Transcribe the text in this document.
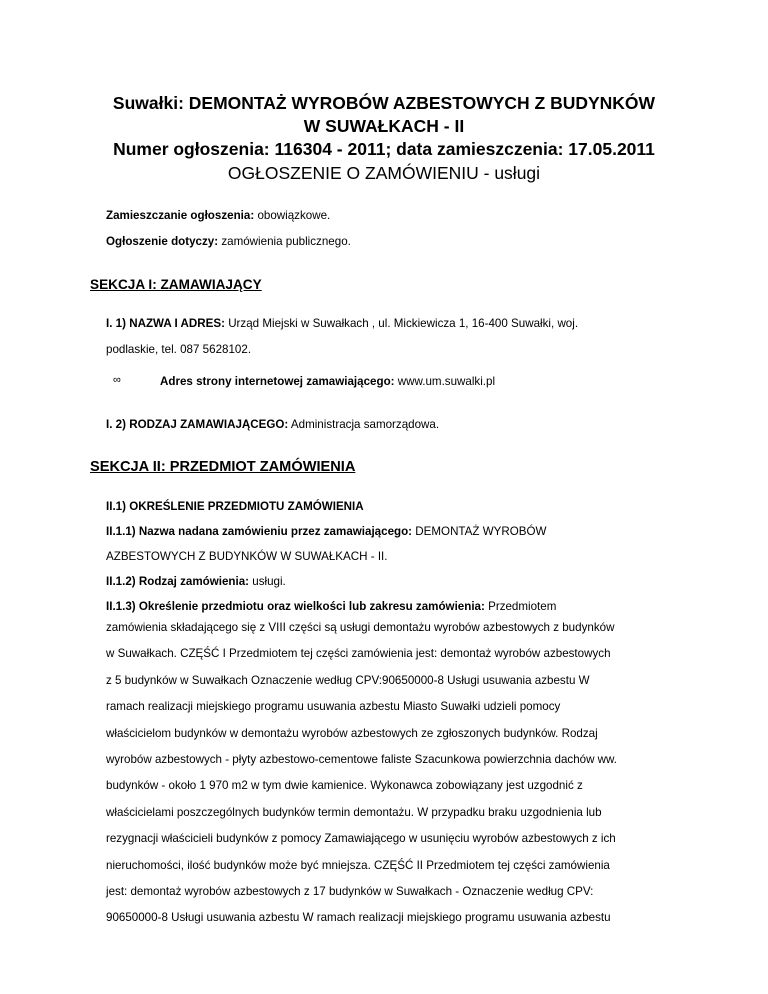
Suwałki: DEMONTAŻ WYROBÓW AZBESTOWYCH Z BUDYNKÓW
W SUWAŁKACH - II
Numer ogłoszenia: 116304 - 2011; data zamieszczenia: 17.05.2011
OGŁOSZENIE O ZAMÓWIENIU - usługi
Zamieszczanie ogłoszenia: obowiązkowe.
Ogłoszenie dotyczy: zamówienia publicznego.
SEKCJA I: ZAMAWIAJĄCY
I. 1) NAZWA I ADRES: Urząd Miejski w Suwałkach , ul. Mickiewicza 1, 16-400 Suwałki, woj.
podlaskie, tel. 087 5628102.
∞	Adres strony internetowej zamawiającego: www.um.suwalki.pl
I. 2) RODZAJ ZAMAWIAJĄCEGO: Administracja samorządowa.
SEKCJA II: PRZEDMIOT ZAMÓWIENIA
II.1) OKREŚLENIE PRZEDMIOTU ZAMÓWIENIA
II.1.1) Nazwa nadana zamówieniu przez zamawiającego: DEMONTAŻ WYROBÓW
AZBESTOWYCH Z BUDYNKÓW W SUWAŁKACH - II.
II.1.2) Rodzaj zamówienia: usługi.
II.1.3) Określenie przedmiotu oraz wielkości lub zakresu zamówienia: Przedmiotem
zamówienia składającego się z VIII części są usługi demontażu wyrobów azbestowych z budynków
w Suwałkach. CZĘŚĆ I Przedmiotem tej części zamówienia jest: demontaż wyrobów azbestowych
z 5 budynków w Suwałkach Oznaczenie według CPV:90650000-8 Usługi usuwania azbestu W
ramach realizacji miejskiego programu usuwania azbestu Miasto Suwałki udzieli pomocy
właścicielom budynków w demontażu wyrobów azbestowych ze zgłoszonych budynków. Rodzaj
wyrobów azbestowych - płyty azbestowo-cementowe faliste Szacunkowa powierzchnia dachów ww.
budynków - około 1 970 m2 w tym dwie kamienice. Wykonawca zobowiązany jest uzgodnić z
właścicielami poszczególnych budynków termin demontażu. W przypadku braku uzgodnienia lub
rezygnacji właścicieli budynków z pomocy Zamawiającego w usunięciu wyrobów azbestowych z ich
nieruchomości, ilość budynków może być mniejsza. CZĘŚĆ II Przedmiotem tej części zamówienia
jest: demontaż wyrobów azbestowych z 17 budynków w Suwałkach - Oznaczenie według CPV:
90650000-8 Usługi usuwania azbestu W ramach realizacji miejskiego programu usuwania azbestu
